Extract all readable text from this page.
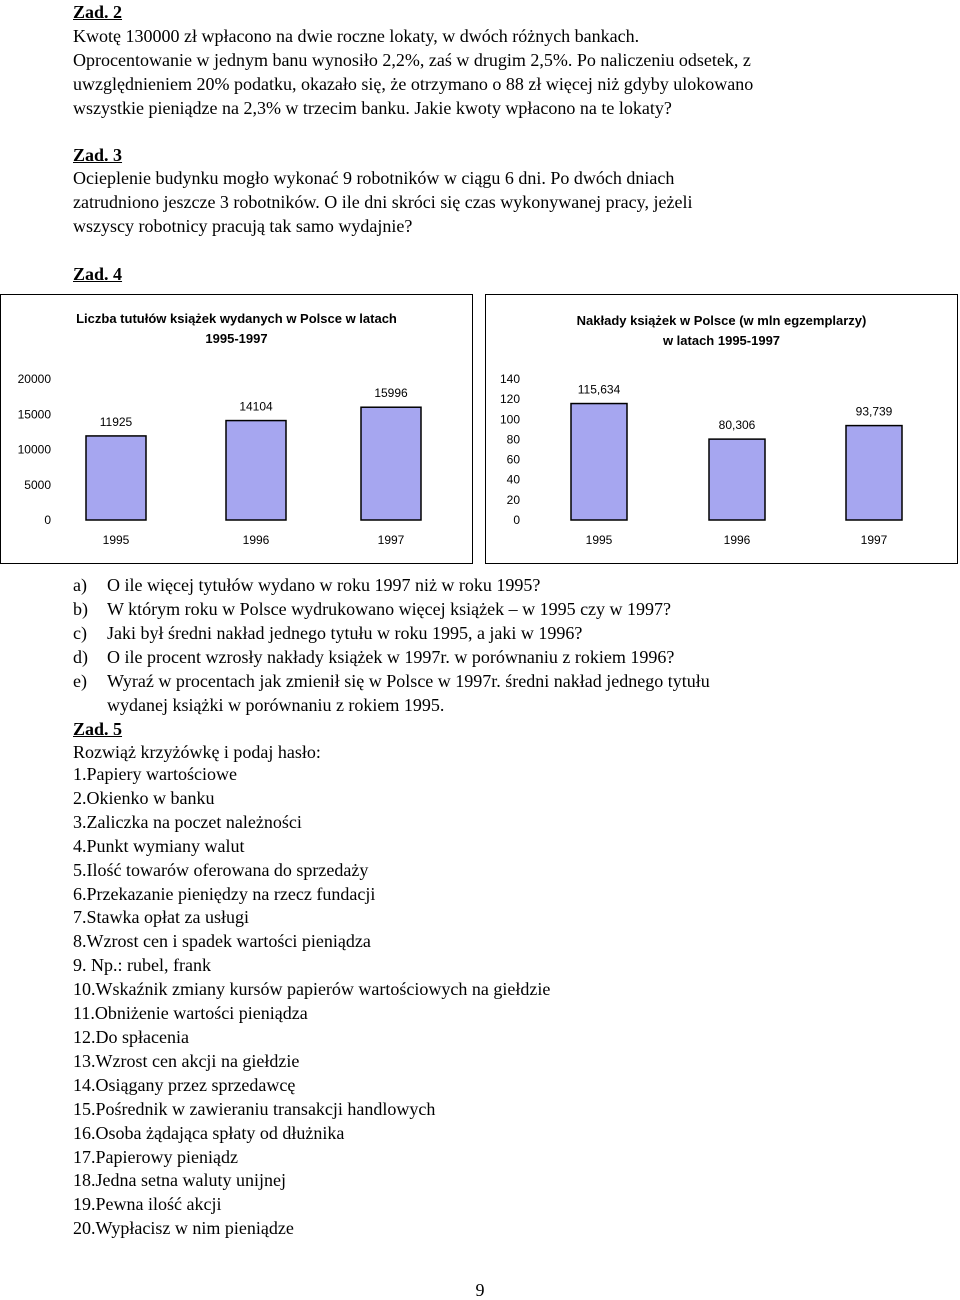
Zad. 2
Kwotę 130000 zł wpłacono na dwie roczne lokaty, w dwóch różnych bankach.
Oprocentowanie w jednym banu wynosiło 2,2%, zaś w drugim 2,5%. Po naliczeniu odsetek, z
uwzględnieniem 20% podatku, okazało się, że otrzymano o 88 zł więcej niż gdyby ulokowano
wszystkie pieniądze na 2,3% w trzecim banku. Jakie kwoty wpłacono na te lokaty?
Zad. 3
Ocieplenie budynku mogło wykonać 9 robotników w ciągu 6 dni. Po dwóch dniach
zatrudniono jeszcze 3 robotników. O ile dni skróci się czas wykonywanej pracy, jeżeli
wszyscy robotnicy pracują tak samo wydajnie?
Zad. 4
Liczba tutułów książek wydanych w Polsce w latach
1995-1997
0
5000
10000
15000
20000
11925
1995
14104
1996
15996
1997
Nakłady książek w Polsce (w mln egzemplarzy)
w latach 1995-1997
0
20
40
60
80
100
120
140
115,634
1995
80,306
1996
93,739
1997
a)	O ile więcej tytułów wydano w roku 1997 niż w roku 1995?
b)	W którym roku w Polsce wydrukowano więcej książek – w 1995 czy w 1997?
c)	Jaki był średni nakład jednego tytułu w roku 1995, a jaki w 1996?
d)	O ile procent wzrosły nakłady książek w 1997r. w porównaniu z rokiem 1996?
e)	Wyraź w procentach jak zmienił się w Polsce w 1997r. średni nakład jednego tytułu
wydanej książki w porównaniu z rokiem 1995.
Zad. 5
Rozwiąż krzyżówkę i podaj hasło:
1.Papiery wartościowe
2.Okienko w banku
3.Zaliczka na poczet należności
4.Punkt wymiany walut
5.Ilość towarów oferowana do sprzedaży
6.Przekazanie pieniędzy na rzecz fundacji
7.Stawka opłat za usługi
8.Wzrost cen i spadek wartości pieniądza
9. Np.: rubel, frank
10.Wskaźnik zmiany kursów papierów wartościowych na giełdzie
11.Obniżenie wartości pieniądza
12.Do spłacenia
13.Wzrost cen akcji na giełdzie
14.Osiągany przez sprzedawcę
15.Pośrednik w zawieraniu transakcji handlowych
16.Osoba żądająca spłaty od dłużnika
17.Papierowy pieniądz
18.Jedna setna waluty unijnej
19.Pewna ilość akcji
20.Wypłacisz w nim pieniądze
9
